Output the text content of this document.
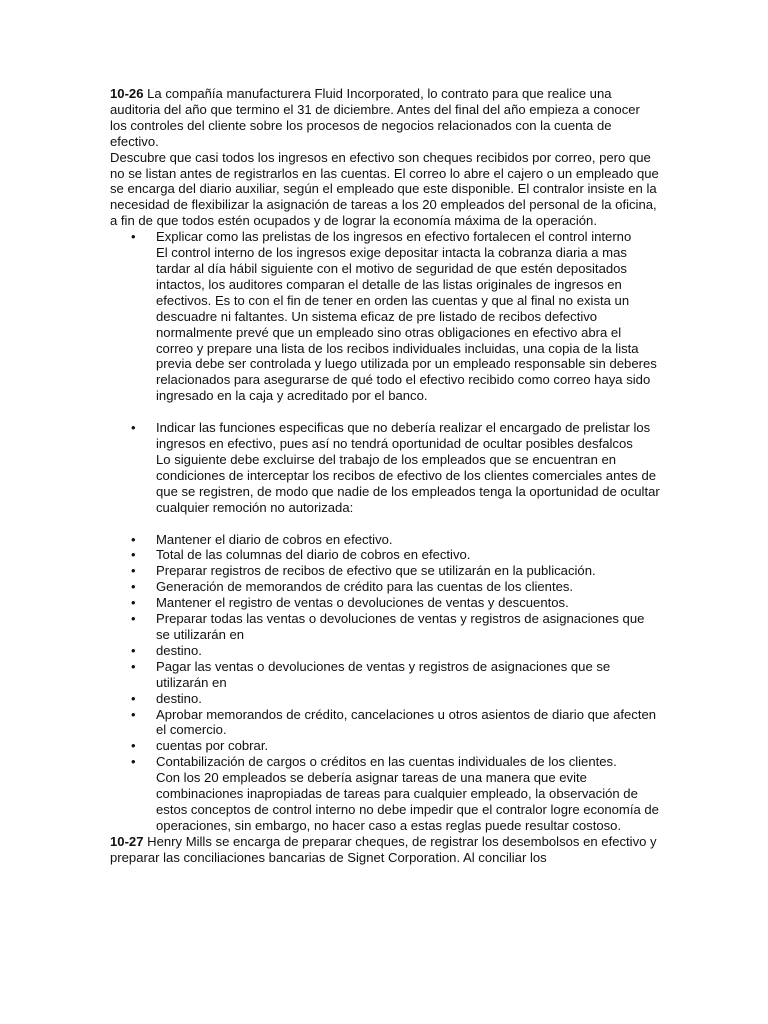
10-26 La compañía manufacturera Fluid Incorporated, lo contrato para que realice una auditoria del año que termino el 31 de diciembre. Antes del final del año empieza a conocer los controles del cliente sobre los procesos de negocios relacionados con la cuenta de efectivo.

Descubre que casi todos los ingresos en efectivo son cheques recibidos por correo, pero que no se listan antes de registrarlos en las cuentas. El correo lo abre el cajero o un empleado que se encarga del diario auxiliar, según el empleado que este disponible. El contralor insiste en la necesidad de flexibilizar la asignación de tareas a los 20 empleados del personal de la oficina, a fin de que todos estén ocupados y de lograr la economía máxima de la operación.

• Explicar como las prelistas de los ingresos en efectivo fortalecen el control interno
El control interno de los ingresos exige depositar intacta la cobranza diaria a mas tardar al día hábil siguiente con el motivo de seguridad de que estén depositados intactos, los auditores comparan el detalle de las listas originales de ingresos en efectivos. Es to con el fin de tener en orden las cuentas y que al final no exista un descuadre ni faltantes. Un sistema eficaz de pre listado de recibos defectivo normalmente prevé que un empleado sino otras obligaciones en efectivo abra el correo y prepare una lista de los recibos individuales incluidas, una copia de la lista previa debe ser controlada y luego utilizada por un empleado responsable sin deberes relacionados para asegurarse de qué todo el efectivo recibido como correo haya sido ingresado en la caja y acreditado por el banco.
• Indicar las funciones especificas que no debería realizar el encargado de prelistar los ingresos en efectivo, pues así no tendrá oportunidad de ocultar posibles desfalcos
Lo siguiente debe excluirse del trabajo de los empleados que se encuentran en condiciones de interceptar los recibos de efectivo de los clientes comerciales antes de que se registren, de modo que nadie de los empleados tenga la oportunidad de ocultar cualquier remoción no autorizada:
• Mantener el diario de cobros en efectivo.
• Total de las columnas del diario de cobros en efectivo.
• Preparar registros de recibos de efectivo que se utilizarán en la publicación.
• Generación de memorandos de crédito para las cuentas de los clientes.
• Mantener el registro de ventas o devoluciones de ventas y descuentos.
• Preparar todas las ventas o devoluciones de ventas y registros de asignaciones que se utilizarán en
• destino.
• Pagar las ventas o devoluciones de ventas y registros de asignaciones que se utilizarán en
• destino.
• Aprobar memorandos de crédito, cancelaciones u otros asientos de diario que afecten el comercio.
• cuentas por cobrar.
• Contabilización de cargos o créditos en las cuentas individuales de los clientes.
Con los 20 empleados se debería asignar tareas de una manera que evite combinaciones inapropiadas de tareas para cualquier empleado, la observación de estos conceptos de control interno no debe impedir que el contralor logre economía de operaciones, sin embargo, no hacer caso a estas reglas puede resultar costoso.

10-27 Henry Mills se encarga de preparar cheques, de registrar los desembolsos en efectivo y preparar las conciliaciones bancarias de Signet Corporation. Al conciliar los
